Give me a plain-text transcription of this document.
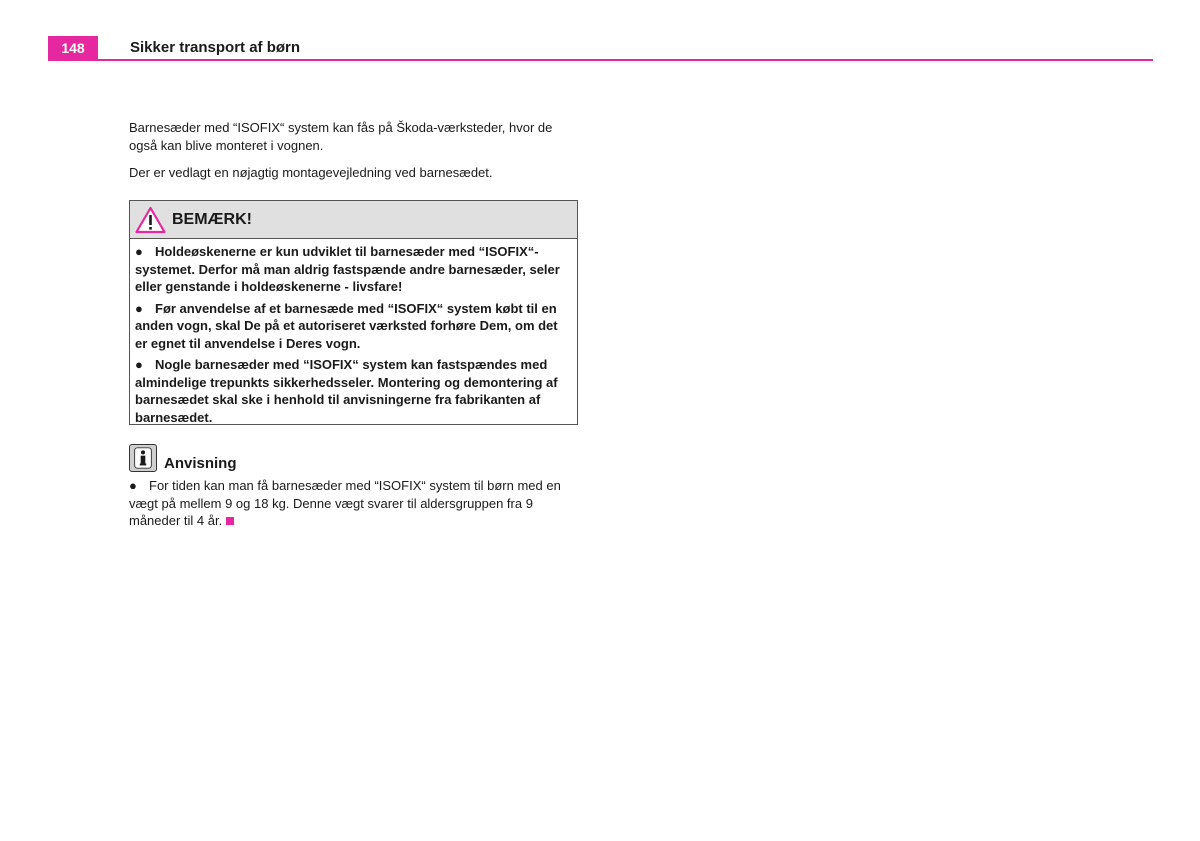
148	Sikker transport af børn

Barnesæder med “ISOFIX“ system kan fås på Škoda-værksteder, hvor de også kan blive monteret i vognen.

Der er vedlagt en nøjagtig montagevejledning ved barnesædet.

BEMÆRK!
● Holdeøskenerne er kun udviklet til barnesæder med “ISOFIX“-systemet. Derfor må man aldrig fastspænde andre barnesæder, seler eller genstande i holdeøskenerne - livsfare!
● Før anvendelse af et barnesæde med “ISOFIX“ system købt til en anden vogn, skal De på et autoriseret værksted forhøre Dem, om det er egnet til anvendelse i Deres vogn.
● Nogle barnesæder med “ISOFIX“ system kan fastspændes med almindelige trepunkts sikkerhedsseler. Montering og demontering af barnesædet skal ske i henhold til anvisningerne fra fabrikanten af barnesædet.
Anvisning

● For tiden kan man få barnesæder med “ISOFIX“ system til børn med en vægt på mellem 9 og 18 kg. Denne vægt svarer til aldersgruppen fra 9 måneder til 4 år.
